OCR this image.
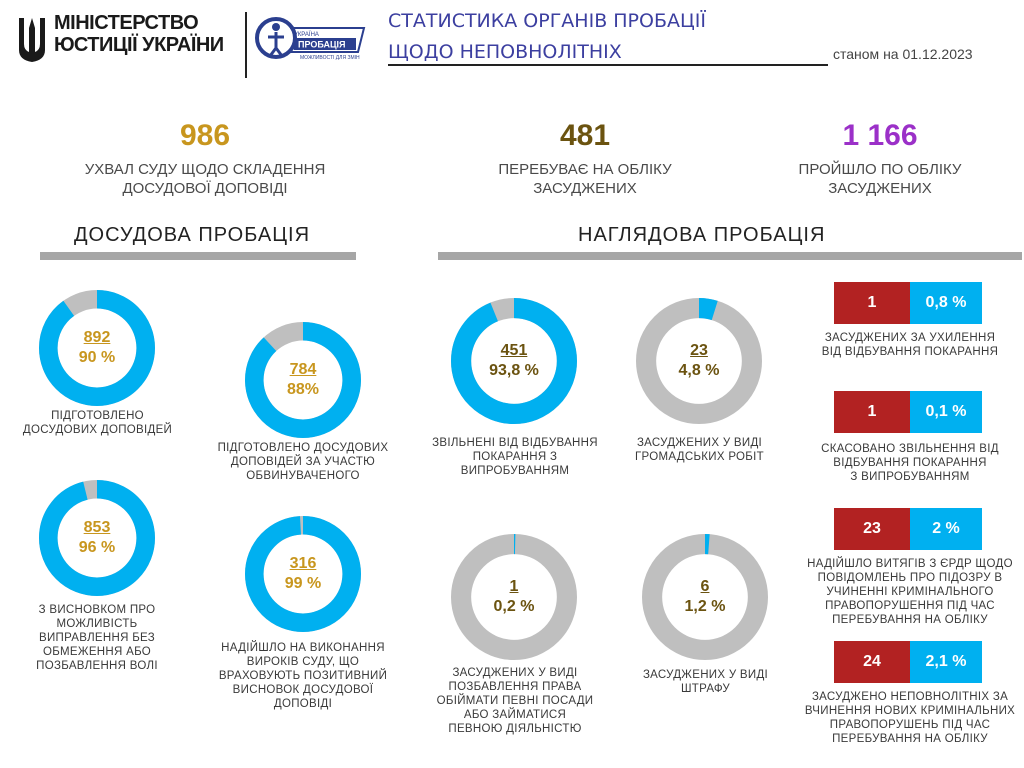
МІНІСТЕРСТВО
ЮСТИЦІЇ УКРАЇНИ	УКРАЇНА
ПРОБАЦІЯ
МОЖЛИВОСТІ ДЛЯ ЗМІН
СТАТИСТИКА ОРГАНІВ ПРОБАЦІЇ
ЩОДО НЕПОВНОЛІТНІХ	станом на 01.12.2023
986
УХВАЛ СУДУ ЩОДО СКЛАДЕННЯ
ДОСУДОВОЇ ДОПОВІДІ
481
ПЕРЕБУВАЄ НА ОБЛІКУ
ЗАСУДЖЕНИХ
1 166
ПРОЙШЛО ПО ОБЛІКУ
ЗАСУДЖЕНИХ
ДОСУДОВА ПРОБАЦІЯ	НАГЛЯДОВА ПРОБАЦІЯ
892
90 %
ПІДГОТОВЛЕНО
ДОСУДОВИХ ДОПОВІДЕЙ
784
88%
ПІДГОТОВЛЕНО ДОСУДОВИХ
ДОПОВІДЕЙ ЗА УЧАСТЮ
ОБВИНУВАЧЕНОГО
853
96 %
З ВИСНОВКОМ ПРО
МОЖЛИВІСТЬ
ВИПРАВЛЕННЯ БЕЗ
ОБМЕЖЕННЯ АБО
ПОЗБАВЛЕННЯ ВОЛІ
316
99 %
НАДІЙШЛО НА ВИКОНАННЯ
ВИРОКІВ СУДУ, ЩО
ВРАХОВУЮТЬ ПОЗИТИВНИЙ
ВИСНОВОК ДОСУДОВОЇ
ДОПОВІДІ
451
93,8 %
ЗВІЛЬНЕНІ ВІД ВІДБУВАННЯ
ПОКАРАННЯ З
ВИПРОБУВАННЯМ
23
4,8 %
ЗАСУДЖЕНИХ У ВИДІ
ГРОМАДСЬКИХ РОБІТ
1
0,2 %
ЗАСУДЖЕНИХ У ВИДІ
ПОЗБАВЛЕННЯ ПРАВА
ОБІЙМАТИ ПЕВНІ ПОСАДИ
АБО ЗАЙМАТИСЯ
ПЕВНОЮ ДІЯЛЬНІСТЮ
6
1,2 %
ЗАСУДЖЕНИХ У ВИДІ
ШТРАФУ
1	0,8 %
ЗАСУДЖЕНИХ ЗА УХИЛЕННЯ
ВІД ВІДБУВАННЯ ПОКАРАННЯ
1	0,1 %
СКАСОВАНО ЗВІЛЬНЕННЯ ВІД
ВІДБУВАННЯ ПОКАРАННЯ
З ВИПРОБУВАННЯМ
23	2 %
НАДІЙШЛО ВИТЯГІВ З ЄРДР ЩОДО
ПОВІДОМЛЕНЬ ПРО ПІДОЗРУ В
УЧИНЕННІ КРИМІНАЛЬНОГО
ПРАВОПОРУШЕННЯ ПІД ЧАС
ПЕРЕБУВАННЯ НА ОБЛІКУ
24	2,1 %
ЗАСУДЖЕНО НЕПОВНОЛІТНІХ ЗА
ВЧИНЕННЯ НОВИХ КРИМІНАЛЬНИХ
ПРАВОПОРУШЕНЬ ПІД ЧАС
ПЕРЕБУВАННЯ НА ОБЛІКУ
